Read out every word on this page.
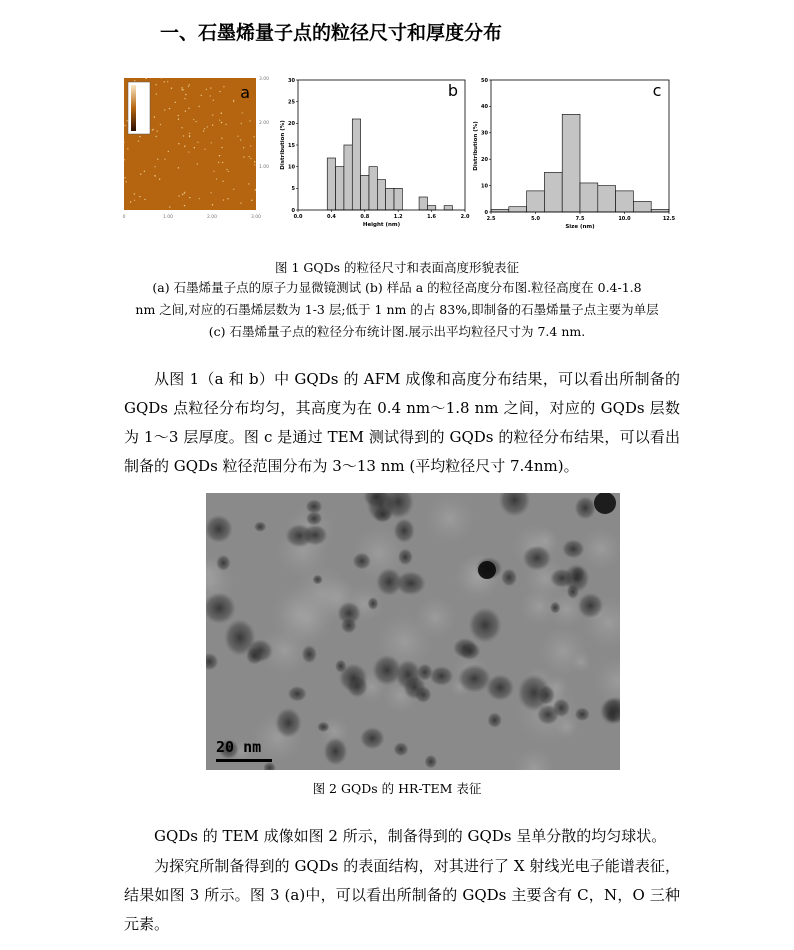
一、石墨烯量子点的粒径尺寸和厚度分布
a
0	1.00	2.00	3.00
1.00
2.00
3.00
0.0	0.4	0.8	1.2	1.6	2.0
0
5
10
15
20
25
30
Height (nm)
Distribution (%)
b
2.5	5.0	7.5	10.0	12.5
0
10
20
30
40
50
Size (nm)
Distribution (%)
c
图 1 GQDs 的粒径尺寸和表面高度形貌表征
(a) 石墨烯量子点的原子力显微镜测试 (b) 样品 a 的粒径高度分布图.粒径高度在 0.4-1.8
nm 之间,对应的石墨烯层数为 1-3 层;低于 1 nm 的占 83%,即制备的石墨烯量子点主要为单层
(c) 石墨烯量子点的粒径分布统计图.展示出平均粒径尺寸为 7.4 nm.
从图 1（a 和 b）中 GQDs 的 AFM 成像和高度分布结果，可以看出所制备的 GQDs 点粒径分布均匀，其高度为在 0.4 nm～1.8 nm 之间，对应的 GQDs 层数为 1～3 层厚度。图 c 是通过 TEM 测试得到的 GQDs 的粒径分布结果，可以看出制备的 GQDs 粒径范围分布为 3～13 nm (平均粒径尺寸 7.4nm)。
20 nm
图 2 GQDs 的 HR-TEM 表征
GQDs 的 TEM 成像如图 2 所示，制备得到的 GQDs 呈单分散的均匀球状。
为探究所制备得到的 GQDs 的表面结构，对其进行了 X 射线光电子能谱表征，结果如图 3 所示。图 3 (a)中，可以看出所制备的 GQDs 主要含有 C，N，O 三种元素。
